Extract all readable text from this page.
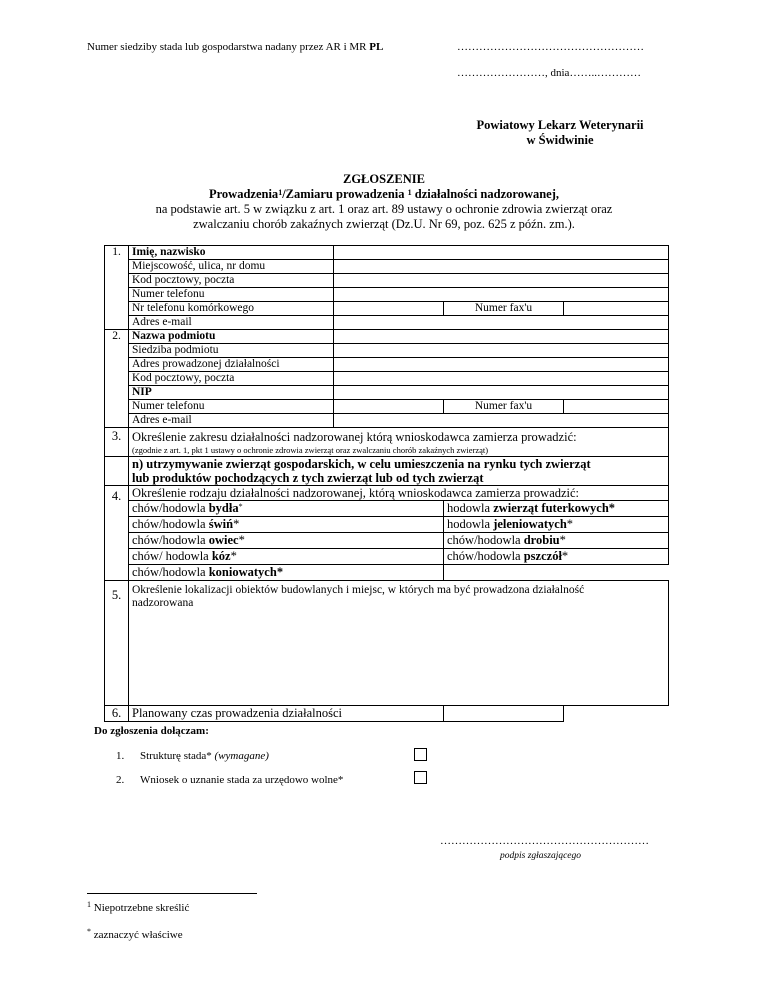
Numer siedziby stada lub gospodarstwa nadany przez AR i MR PL	……………………………………………
……………………, dnia……..…………
Powiatowy Lekarz Weterynarii
w Świdwinie
ZGŁOSZENIE
Prowadzenia$^1$/Zamiaru prowadzenia $^1$ działalności nadzorowanej,
na podstawie art. 5 w związku z art. 1 oraz art. 89 ustawy o ochronie zdrowia zwierząt oraz
zwalczaniu chorób zakaźnych zwierząt (Dz.U. Nr 69, poz. 625 z późn. zm.).
1.	Imię, nazwisko			
	Miejscowość, ulica, nr domu			
	Kod pocztowy, poczta			
	Numer telefonu			
	Nr telefonu komórkowego		Numer fax'u	
	Adres e-mail			
2.	Nazwa podmiotu			
	Siedziba podmiotu			
	Adres prowadzonej działalności			
	Kod pocztowy, poczta			
	NIP			
	Numer telefonu		Numer fax'u	
	Adres e-mail			
3.	Określenie zakresu działalności nadzorowanej którą wnioskodawca zamierza prowadzić:
(zgodnie z art. 1, pkt 1 ustawy o ochronie zdrowia zwierząt oraz zwalczaniu chorób zakaźnych zwierząt)			

	n) utrzymywanie zwierząt gospodarskich, w celu umieszczenia na rynku tych zwierząt
lub produktów pochodzących z tych zwierząt lub od tych zwierząt			

4.	Określenie rodzaju działalności nadzorowanej, którą wnioskodawca zamierza prowadzić:			
	chów/hodowla bydła*		hodowla zwierząt futerkowych*	
	chów/hodowla świń*		hodowla jeleniowatych*	
	chów/hodowla owiec*		chów/hodowla drobiu*	
	chów/ hodowla kóz*		chów/hodowla pszczół*	
	chów/hodowla koniowatych*			
5.	Określenie lokalizacji obiektów budowlanych i miejsc, w których ma być prowadzona działalność
nadzorowana			

6.	Planowany czas prowadzenia działalności			
Do zgłoszenia dołączam:
1. Strukturę stada* (wymagane)
2. Wniosek o uznanie stada za urzędowo wolne*
…………………………………………………
podpis zgłaszającego
$^1$ Niepotrzebne skreślić
* zaznaczyć właściwe
